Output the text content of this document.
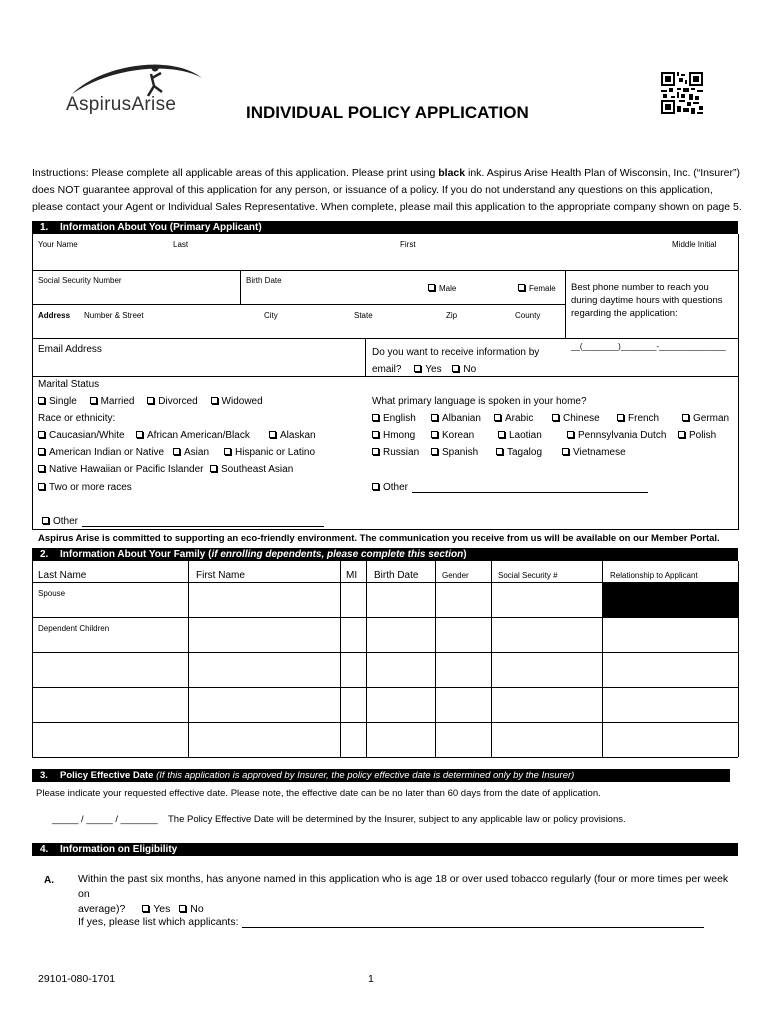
AspirusArise	INDIVIDUAL POLICY APPLICATION
Instructions: Please complete all applicable areas of this application. Please print using black ink. Aspirus Arise Health Plan of Wisconsin, Inc. (“Insurer”)
does NOT guarantee approval of this application for any person, or issuance of a policy. If you do not understand any questions on this application,
please contact your Agent or Individual Sales Representative. When complete, please mail this application to the appropriate company shown on page 5.
1. Information About You (Primary Applicant)
Your Name	Last	First	Middle Initial
Social Security Number	Birth Date
Male	Female Best phone number to reach you
during daytime hours with questions
regarding the application:
__(________)________-_______________
Address Number & Street	City	State	Zip	County
Email Address	Do you want to receive information by
email? Yes No
Marital Status
Single Married Divorced Widowed
Race or ethnicity:
Caucasian/White	African American/Black	Alaskan
American Indian or Native	Asian	Hispanic or Latino
Native Hawaiian or Pacific Islander	Southeast Asian
Two or more races
Other
What primary language is spoken in your home?
English	Albanian	Arabic	Chinese	French	German
Hmong	Korean	Laotian	Pennsylvania Dutch	Polish
Russian	Spanish	Tagalog	Vietnamese
Other
Aspirus Arise is committed to supporting an eco-friendly environment. The communication you receive from us will be available on our Member Portal.
2. Information About Your Family (if enrolling dependents, please complete this section)
Last Name	First Name	MI Birth Date	Gender	Social Security #	Relationship to Applicant
Spouse
Dependent Children
3. Policy Effective Date (If this application is approved by Insurer, the policy effective date is determined only by the Insurer)
Please indicate your requested effective date. Please note, the effective date can be no later than 60 days from the date of application.
_____ / _____ / _______ The Policy Effective Date will be determined by the Insurer, subject to any applicable law or policy provisions.
4. Information on Eligibility
A. Within the past six months, has anyone named in this application who is age 18 or over used tobacco regularly (four or more times per week on
average)?	Yes No
If yes, please list which applicants:
29101-080-1701	1
